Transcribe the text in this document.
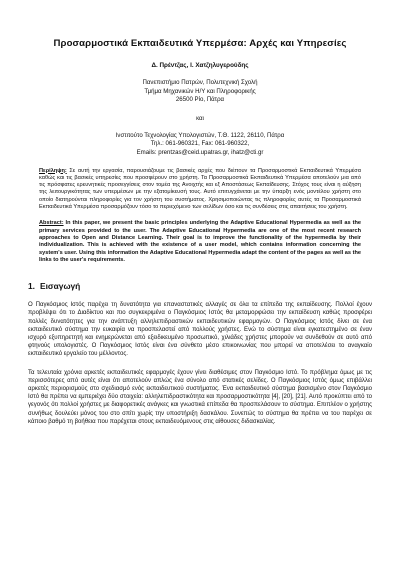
Προσαρμοστικά Εκπαιδευτικά Υπερμέσα: Αρχές και Υπηρεσίες
Δ. Πρέντζας, Ι. Χατζηλυγερούδης
Πανεπιστήμιο Πατρών, Πολυτεχνική Σχολή
Τμήμα Μηχανικών Η/Υ και Πληροφορικής
26500 Ρίο, Πάτρα
και
Ινστιτούτο Τεχνολογίας Υπολογιστών, Τ.Θ. 1122, 26110, Πάτρα
Τηλ.: 061-960321, Fax: 061-960322,
Emails: prentzas@ceid.upatras.gr, ihatz@cti.gr
Περίληψη: Σε αυτή την εργασία, παρουσιάζουμε τις βασικές αρχές που διέπουν τα Προσαρμοστικά Εκπαιδευτικά Υπερμέσα καθώς και τις βασικές υπηρεσίες που προσφέρουν στο χρήστη. Τα Προσαρμοστικά Εκπαιδευτικά Υπερμέσα αποτελούν μια από τις πρόσφατες ερευνητικές προσεγγίσεις στον τομέα της Ανοιχτής και εξ Αποστάσεως Εκπαίδευσης. Στόχος τους είναι η αύξηση της λειτουργικότητας των υπερμέσων με την εξατομίκευσή τους. Αυτό επιτυγχάνεται με την ύπαρξη ενός μοντέλου χρήστη στο οποίο διατηρούνται πληροφορίες για τον χρήστη του συστήματος. Χρησιμοποιώντας τις πληροφορίες αυτές τα Προσαρμοστικά Εκπαιδευτικά Υπερμέσα προσαρμόζουν τόσο το περιεχόμενο των σελίδων όσο και τις συνδέσεις στις απαιτήσεις του χρήστη.
Abstract: In this paper, we present the basic principles underlying the Adaptive Educational Hypermedia as well as the primary services provided to the user. The Adaptive Educational Hypermedia are one of the most recent research approaches to Open and Distance Learning. Their goal is to improve the functionality of the hypermedia by their individualization. This is achieved with the existence of a user model, which contains information concerning the system's user. Using this information the Adaptive Educational Hypermedia adapt the content of the pages as well as the links to the user's requirements.
1. Εισαγωγή

Ο Παγκόσμιος Ιστός παρέχει τη δυνατότητα για επαναστατικές αλλαγές σε όλα τα επίπεδα της εκπαίδευσης. Πολλοί έχουν προβλέψει ότι το Διαδίκτυο και πιο συγκεκριμένα ο Παγκόσμιος Ιστός θα μεταμορφώσει την εκπαίδευση καθώς προσφέρει πολλές δυνατότητες για την ανάπτυξη αλληλεπιδραστικών εκπαιδευτικών εφαρμογών. Ο Παγκόσμιος Ιστός δίνει σε ένα εκπαιδευτικό σύστημα την ευκαιρία να προσπελαστεί από πολλούς χρήστες. Ενώ το σύστημα είναι εγκατεστημένο σε έναν ισχυρό εξυπηρετητή και ενημερώνεται από εξειδικευμένο προσωπικό, χιλιάδες χρήστες μπορούν να συνδεθούν σε αυτό από φτηνούς υπολογιστές. Ο Παγκόσμιος Ιστός είναι ένα σύνθετο μέσο επικοινωνίας που μπορεί να αποτελέσει το αναγκαίο εκπαιδευτικό εργαλείο του μέλλοντος.

Τα τελευταία χρόνια αρκετές εκπαιδευτικές εφαρμογές έχουν γίνει διαθέσιμες στον Παγκόσμιο Ιστό. Το πρόβλημα όμως με τις περισσότερες από αυτές είναι ότι αποτελούν απλώς ένα σύνολο από στατικές σελίδες. Ο Παγκόσμιος Ιστός όμως επιβάλλει αρκετές περιορισμούς στο σχεδιασμό ενός εκπαιδευτικού συστήματος. Ένα εκπαιδευτικό σύστημα βασισμένο στον Παγκόσμιο Ιστό θα πρέπει να εμπεριέχει δύο στοιχεία: αλληλεπιδραστικότητα και προσαρμοστικότητα [4], [20], [21]. Αυτό προκύπτει από το γεγονός ότι πολλοί χρήστες με διαφορετικές ανάγκες και γνωστικά επίπεδα θα προσπελάσουν το σύστημα. Επιπλέον ο χρήστης συνήθως δουλεύει μόνος του στο σπίτι χωρίς την υποστήριξη δασκάλου. Συνεπώς το σύστημα θα πρέπει να του παρέχει σε κάποιο βαθμό τη βοήθεια που παρέχεται στους εκπαιδευόμενους στις αίθουσες διδασκαλίας.
